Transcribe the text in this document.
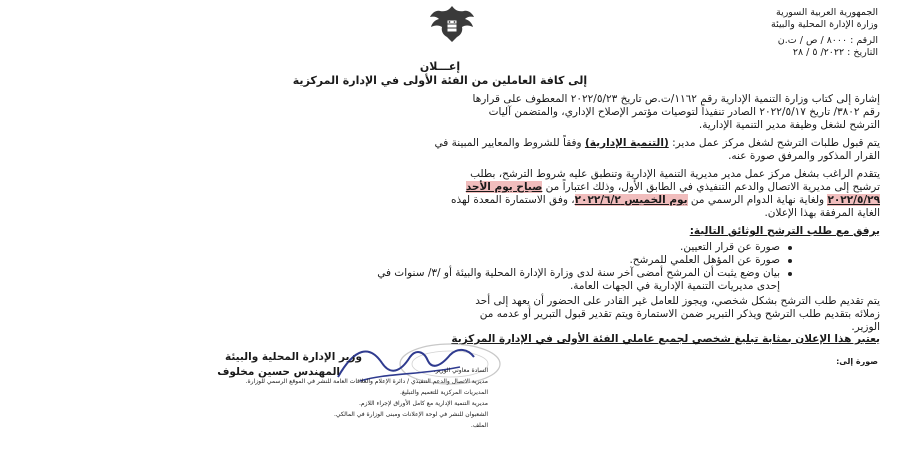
الجمهورية العربية السورية
وزارة الإدارة المحلية والبيئة
الرقم : ٨٠٠٠ / ص / ت.ن
التاريخ : ٢٠٢٢/ ٥ / ٢٨
إعـــلان
إلى كافة العاملين من الفئة الأولى في الإدارة المركزية
إشارة إلى كتاب وزارة التنمية الإدارية رقم ١١٦٢/ت.ص تاريخ ٢٠٢٢/٥/٢٣ المعطوف على قرارها
رقم ٣٨٠٢/ تاريخ ٢٠٢٢/٥/١٧ الصادر تنفيذاً لتوصيات مؤتمر الإصلاح الإداري، والمتضمن آليات
الترشح لشغل وظيفة مدير التنمية الإدارية.
يتم قبول طلبات الترشح لشغل مركز عمل مدير: (التنمية الإدارية) وفقاً للشروط والمعايير المبينة في
القرار المذكور والمرفق صورة عنه.
يتقدم الراغب بشغل مركز عمل مدير مديرية التنمية الإدارية وتنطبق عليه شروط الترشح، بطلب
ترشيح إلى مديرية الاتصال والدعم التنفيذي في الطابق الأول، وذلك اعتباراً من صباح يوم الأحد
٢٠٢٢/٥/٢٩ ولغاية نهاية الدوام الرسمي من يوم الخميس ٢٠٢٢/٦/٢، وفق الاستمارة المعدة لهذه
الغاية المرفقة بهذا الإعلان.
يرفق مع طلب الترشح الوثائق التالية:
صورة عن قرار التعيين.
صورة عن المؤهل العلمي للمرشح.
بيان وضع يثبت أن المرشح أمضى آخر سنة لدى وزارة الإدارة المحلية والبيئة أو /٣/ سنوات في
إحدى مديريات التنمية الإدارية في الجهات العامة.
يتم تقديم طلب الترشح بشكل شخصي، ويجوز للعامل غير القادر على الحضور أن يعهد إلى أحد
زملائه بتقديم طلب الترشح ويذكر التبرير ضمن الاستمارة ويتم تقدير قبول التبرير أو عدمه من
الوزير.
يعتبر هذا الإعلان بمثابة تبليغ شخصي لجميع عاملي الفئة الأولى في الإدارة المركزية
وزير الإدارة المحلية والبيئة
المهندس حسين مخلوف
صورة إلى:
السادة معاوني الوزير.
مديرية الاتصال والدعم التنفيذي / دائرة الإعلام والعلاقات العامة للنشر في الموقع الرسمي للوزارة.
المديريات المركزية للتعميم والتبليغ.
مديرية التنمية الإدارية مع كامل الأوراق لإجراء اللازم.
الشعبوان للنشر في لوحة الإعلانات ومبنى الوزارة في المالكي.
الملف.
